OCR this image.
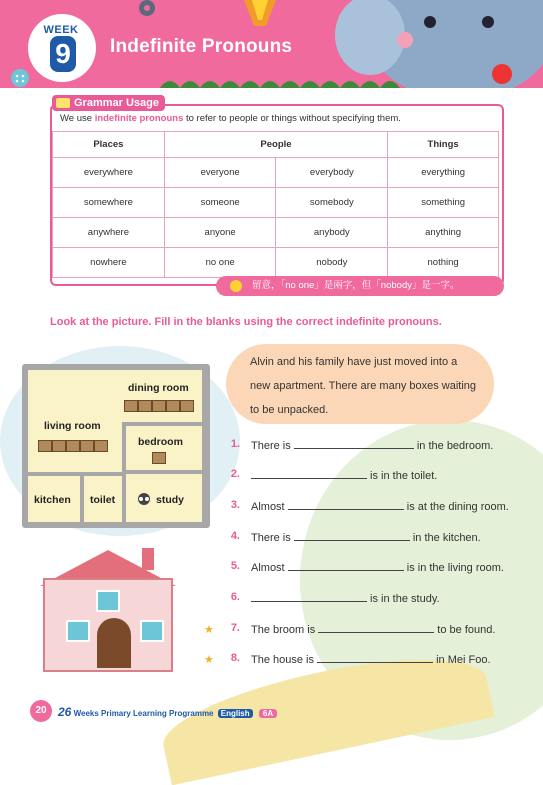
WEEK
9 Indefinite Pronouns
Grammar Usage
We use indefinite pronouns to refer to people or things without specifying them.
Places	People		Things
everywhere	everyone	everybody	everything
somewhere	someone	somebody	something
anywhere	anyone	anybody	anything
nowhere	no one	nobody	nothing
留意，「no one」是兩字，但「nobody」是一字。
Look at the picture. Fill in the blanks using the correct indefinite pronouns.
dining room
living room
bedroom
kitchen toilet	study
Alvin and his family have just moved into a new apartment. There are many boxes waiting to be unpacked.
1. There is	in the bedroom.
2.	is in the toilet.
3. Almost	is at the dining room.
4. There is	in the kitchen.
5. Almost	is in the living room.
6.	is in the study.
7.
★	The broom is	to be found.
8.
★	The house is	in Mei Foo.
20 26 Weeks Primary Learning Programme English 6A
